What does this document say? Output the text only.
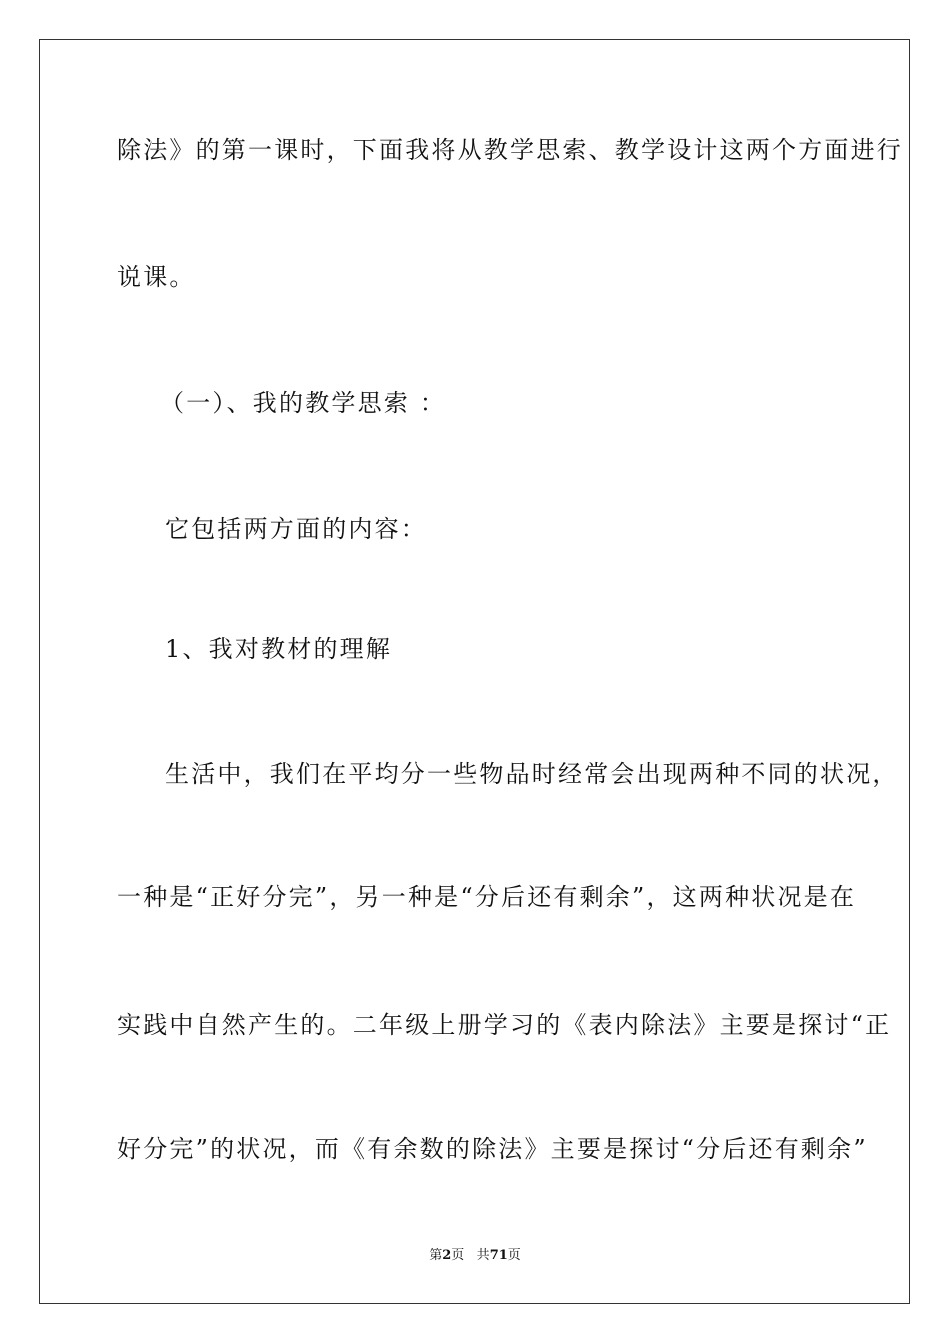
除法》的第一课时，下面我将从教学思索、教学设计这两个方面进行
说课。
（一）、我的教学思索 ：
它包括两方面的内容：
1、我对教材的理解
生活中，我们在平均分一些物品时经常会出现两种不同的状况，
一种是“正好分完”，另一种是“分后还有剩余”，这两种状况是在
实践中自然产生的。二年级上册学习的《表内除法》主要是探讨“正
好分完”的状况，而《有余数的除法》主要是探讨“分后还有剩余”
第2页 共71页
